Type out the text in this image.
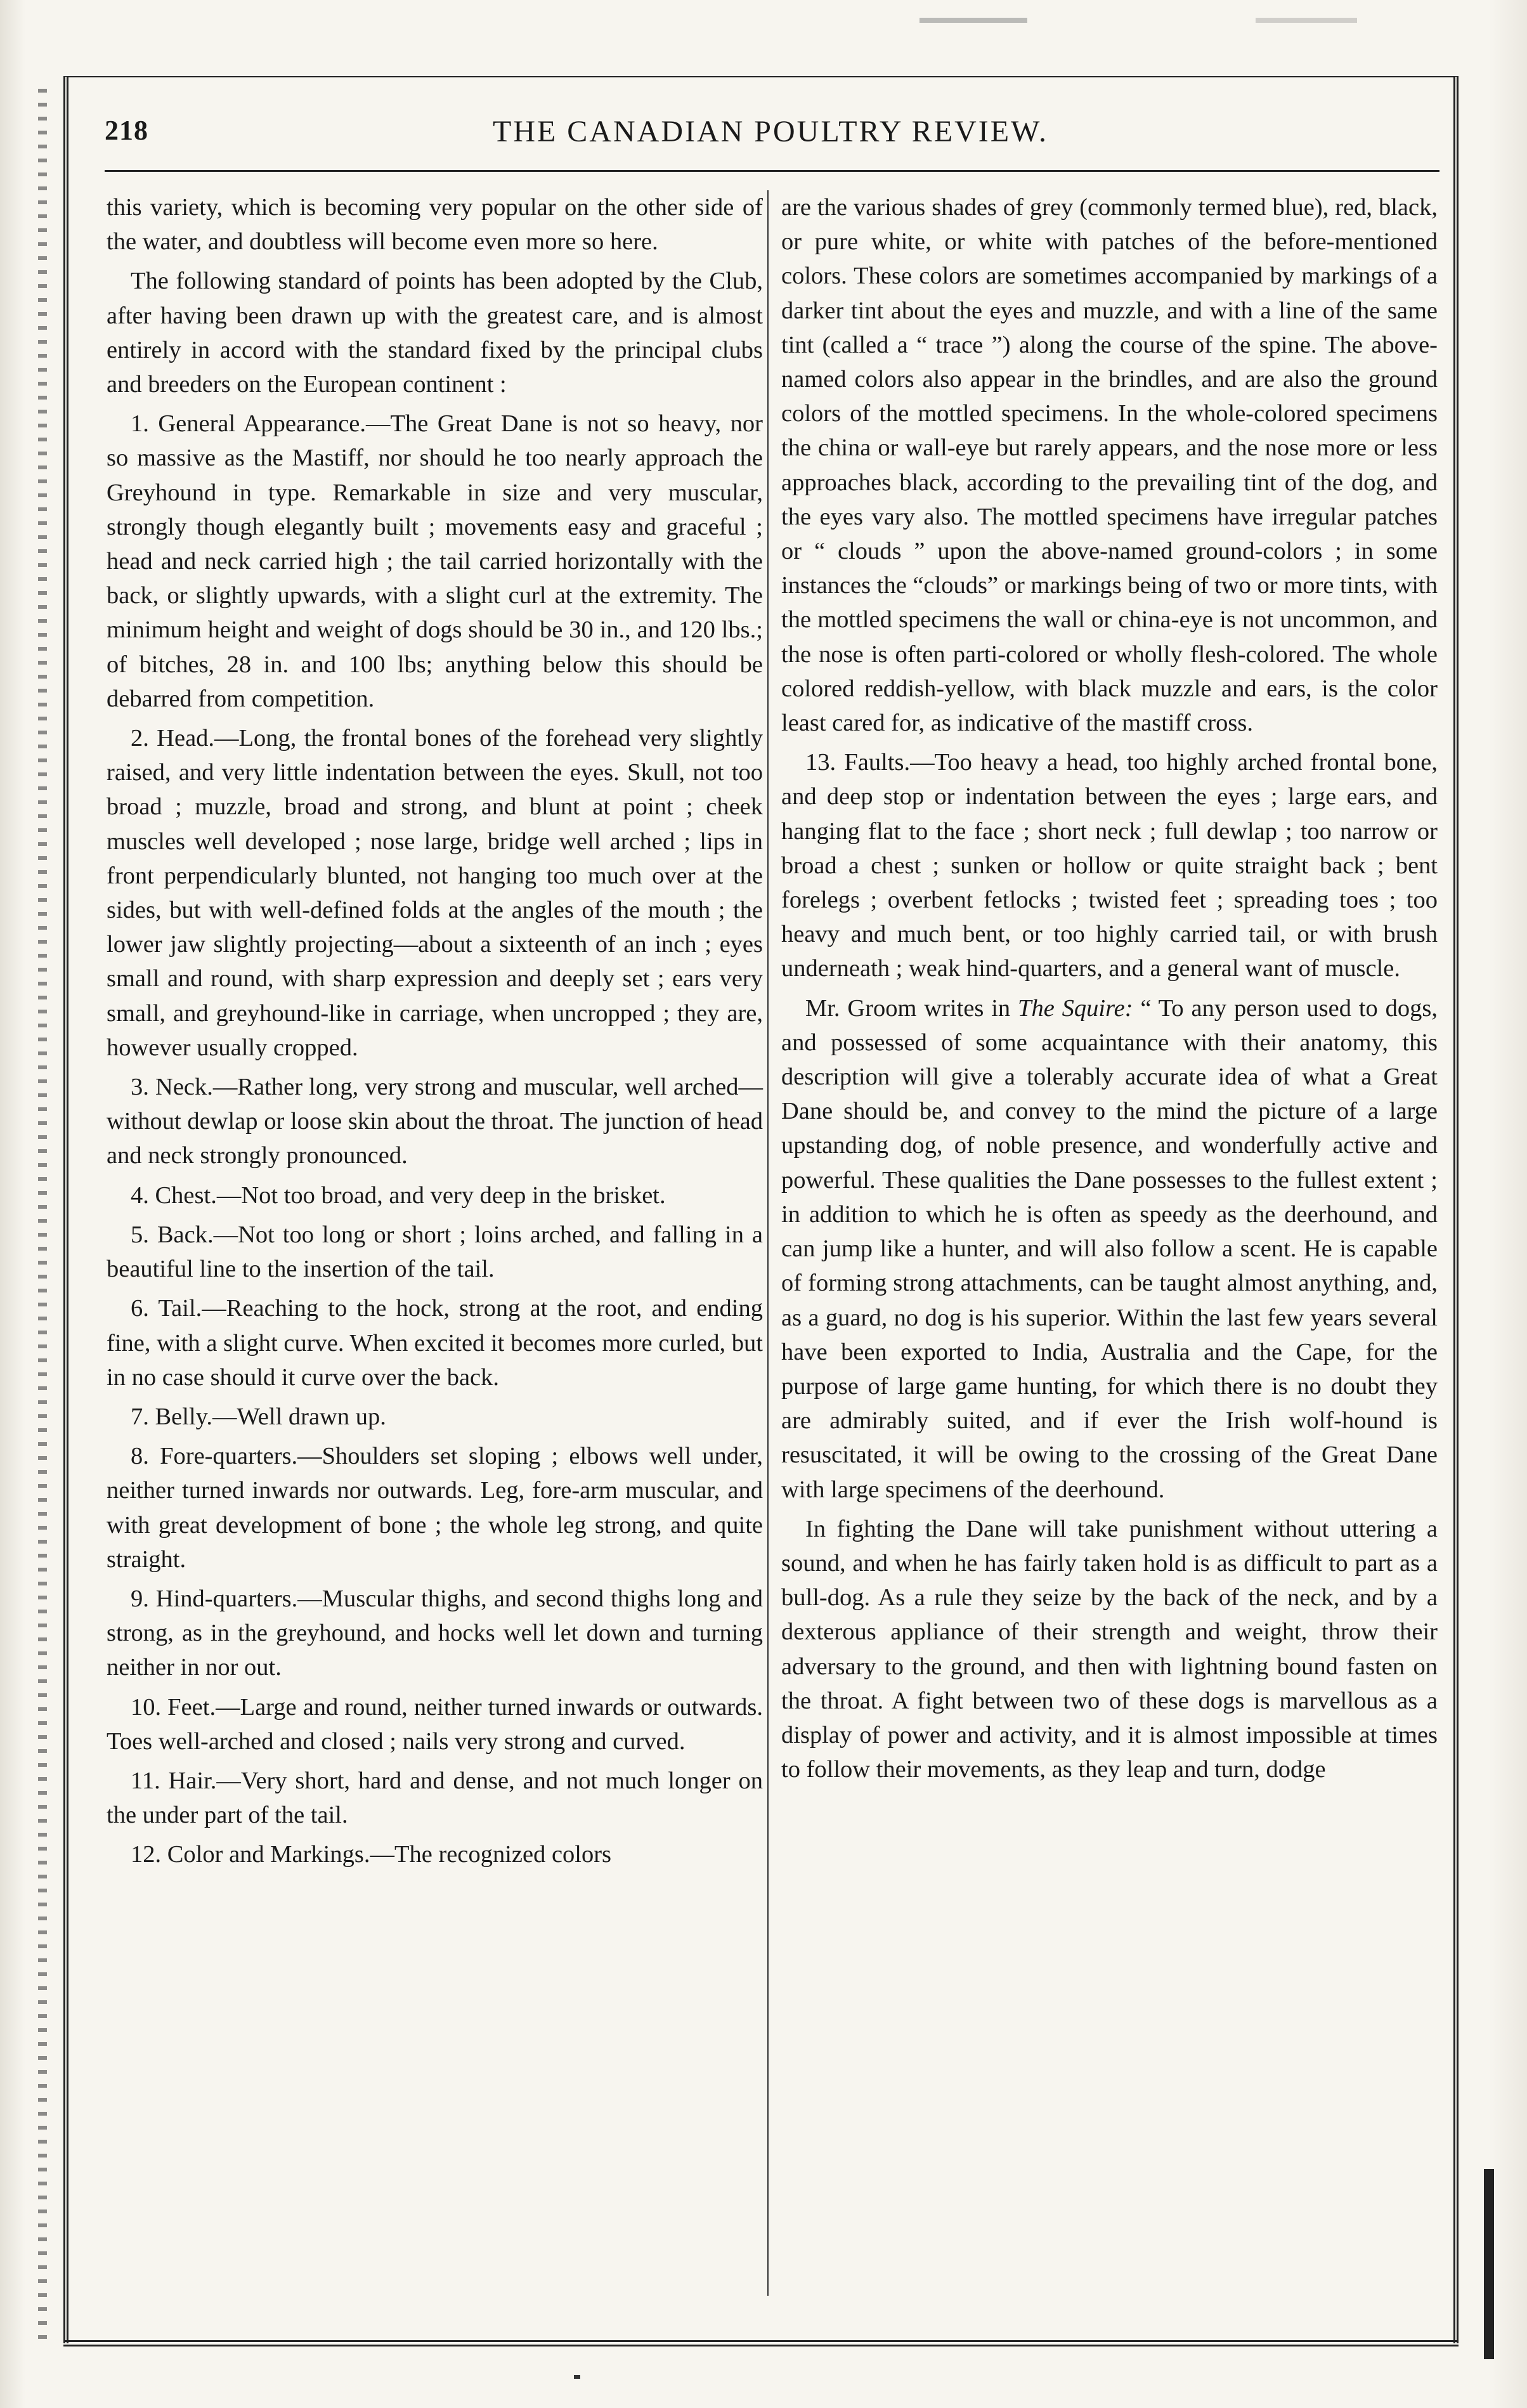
218	THE CANADIAN POULTRY REVIEW.

this variety, which is becoming very popular on the other side of the water, and doubtless will become even more so here.

The following standard of points has been adopted by the Club, after having been drawn up with the greatest care, and is almost entirely in accord with the standard fixed by the principal clubs and breeders on the European continent :

1. General Appearance.—The Great Dane is not so heavy, nor so massive as the Mastiff, nor should he too nearly approach the Greyhound in type. Remarkable in size and very muscular, strongly though elegantly built ; movements easy and graceful ; head and neck carried high ; the tail carried horizontally with the back, or slightly upwards, with a slight curl at the extremity. The minimum height and weight of dogs should be 30 in., and 120 lbs.; of bitches, 28 in. and 100 lbs; anything below this should be debarred from competition.

2. Head.—Long, the frontal bones of the forehead very slightly raised, and very little indentation between the eyes. Skull, not too broad ; muzzle, broad and strong, and blunt at point ; cheek muscles well developed ; nose large, bridge well arched ; lips in front perpendicularly blunted, not hanging too much over at the sides, but with well-defined folds at the angles of the mouth ; the lower jaw slightly projecting—about a sixteenth of an inch ; eyes small and round, with sharp expression and deeply set ; ears very small, and greyhound-like in carriage, when uncropped ; they are, however usually cropped.

3. Neck.—Rather long, very strong and muscular, well arched—without dewlap or loose skin about the throat. The junction of head and neck strongly pronounced.

4. Chest.—Not too broad, and very deep in the brisket.

5. Back.—Not too long or short ; loins arched, and falling in a beautiful line to the insertion of the tail.

6. Tail.—Reaching to the hock, strong at the root, and ending fine, with a slight curve. When excited it becomes more curled, but in no case should it curve over the back.

7. Belly.—Well drawn up.

8. Fore-quarters.—Shoulders set sloping ; elbows well under, neither turned inwards nor outwards. Leg, fore-arm muscular, and with great development of bone ; the whole leg strong, and quite straight.

9. Hind-quarters.—Muscular thighs, and second thighs long and strong, as in the greyhound, and hocks well let down and turning neither in nor out.

10. Feet.—Large and round, neither turned inwards or outwards. Toes well-arched and closed ; nails very strong and curved.

11. Hair.—Very short, hard and dense, and not much longer on the under part of the tail.

12. Color and Markings.—The recognized colors

are the various shades of grey (commonly termed blue), red, black, or pure white, or white with patches of the before-mentioned colors. These colors are sometimes accompanied by markings of a darker tint about the eyes and muzzle, and with a line of the same tint (called a “ trace ”) along the course of the spine. The above-named colors also appear in the brindles, and are also the ground colors of the mottled specimens. In the whole-colored specimens the china or wall-eye but rarely appears, and the nose more or less approaches black, according to the prevailing tint of the dog, and the eyes vary also. The mottled specimens have irregular patches or “ clouds ” upon the above-named ground-colors ; in some instances the “clouds” or markings being of two or more tints, with the mottled specimens the wall or china-eye is not uncommon, and the nose is often parti-colored or wholly flesh-colored. The whole colored reddish-yellow, with black muzzle and ears, is the color least cared for, as indicative of the mastiff cross.

13. Faults.—Too heavy a head, too highly arched frontal bone, and deep stop or indentation between the eyes ; large ears, and hanging flat to the face ; short neck ; full dewlap ; too narrow or broad a chest ; sunken or hollow or quite straight back ; bent forelegs ; overbent fetlocks ; twisted feet ; spreading toes ; too heavy and much bent, or too highly carried tail, or with brush underneath ; weak hind-quarters, and a general want of muscle.

Mr. Groom writes in The Squire: “ To any person used to dogs, and possessed of some acquaintance with their anatomy, this description will give a tolerably accurate idea of what a Great Dane should be, and convey to the mind the picture of a large upstanding dog, of noble presence, and wonderfully active and powerful. These qualities the Dane possesses to the fullest extent ; in addition to which he is often as speedy as the deerhound, and can jump like a hunter, and will also follow a scent. He is capable of forming strong attachments, can be taught almost anything, and, as a guard, no dog is his superior. Within the last few years several have been exported to India, Australia and the Cape, for the purpose of large game hunting, for which there is no doubt they are admirably suited, and if ever the Irish wolf-hound is resuscitated, it will be owing to the crossing of the Great Dane with large specimens of the deerhound.

In fighting the Dane will take punishment without uttering a sound, and when he has fairly taken hold is as difficult to part as a bull-dog. As a rule they seize by the back of the neck, and by a dexterous appliance of their strength and weight, throw their adversary to the ground, and then with lightning bound fasten on the throat. A fight between two of these dogs is marvellous as a display of power and activity, and it is almost impossible at times to follow their movements, as they leap and turn, dodge
